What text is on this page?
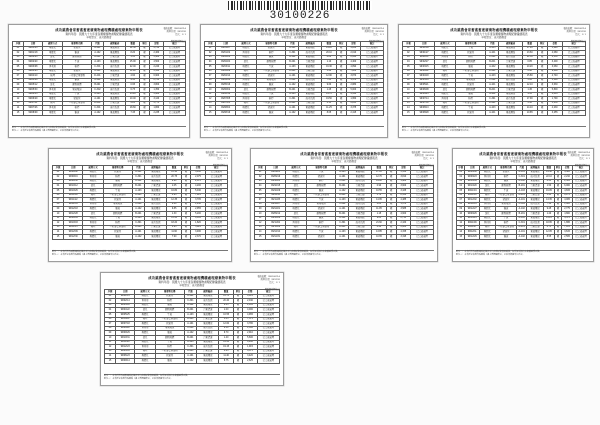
30100226
成功鎮農會家畜禽畜產廢棄物處理機構處理廢棄物申報表
資料年度：民國九十九年度各類廢棄物處理紀錄彙總報表
申報單位：成功鎮農會
表格編號：99010022-6
列印日期：99/12/31
頁次：1 / 1
廢棄物種類統計
序號	日期	處理方式	廢棄物名稱	代碼	處理廠商	數量	單位	金額	備註
01	99/01/05	堆肥化	豬糞尿	A-101	東部環保	12.50	噸	3,750	已完成處理
02	99/01/18	堆肥化	雞糞	A-102	東部環保	8.20	噸	2,460	已完成處理
03	99/02/03	焚化	動物屍體	B-201	台東清運	1.35	噸	5,400	已完成處理
04	99/02/20	堆肥化	牛糞	A-103	東部環保	15.00	噸	4,500	已完成處理
05	99/03/08	再利用	稻稈	C-301	成功資源	22.40	噸	2,240	已完成處理
06	99/03/25	堆肥化	豬糞尿	A-101	東部環保	11.80	噸	3,540	已完成處理
07	99/04/10	掩埋	一般事業廢棄物	D-401	台東清運	4.60	噸	6,900	已完成處理
08	99/04/28	堆肥化	雞糞	A-102	東部環保	9.10	噸	2,730	已完成處理
09	99/05/12	焚化	動物屍體	B-201	台東清運	0.95	噸	3,800	已完成處理
10	99/05/30	再利用	果菜殘渣	C-302	成功資源	6.75	噸	1,350	已完成處理
11	99/06/15	堆肥化	牛糞	A-103	東部環保	13.20	噸	3,960	已完成處理
12	99/06/29	堆肥化	豬糞尿	A-101	東部環保	10.40	噸	3,120	已完成處理
13	99/07/11	掩埋	一般事業廢棄物	D-401	台東清運	3.85	噸	5,775	已完成處理
14	99/07/26	再利用	稻稈	C-301	成功資源	18.60	噸	1,860	已完成處理
15	99/08/09	堆肥化	雞糞	A-102	東部環保	7.45	噸	2,235	已完成處理
附註一：本表所列各項數據係依據各月份處理紀錄彙總編製，如有疑義請洽本會輔導課查詢。
附註二：本表經查核無誤後陳報上級主管機關備查，並副知相關單位存查。
成功鎮農會家畜禽畜產廢棄物處理機構處理廢棄物申報表
資料年度：民國九十九年度各類廢棄物處理紀錄彙總報表
申報單位：成功鎮農會
表格編號：99010022-6
列印日期：99/12/31
頁次：1 / 1
廢棄物種類統計
序號	日期	處理方式	廢棄物名稱	代碼	處理廠商	數量	單位	金額	備註
01	99/01/07	堆肥化	豬糞尿	A-101	東部環保	14.20	噸	4,260	已完成處理
02	99/01/22	再利用	稻稈	C-301	成功資源	20.10	噸	2,010	已完成處理
03	99/02/06	堆肥化	雞糞	A-102	東部環保	8.80	噸	2,640	已完成處理
04	99/02/24	焚化	動物屍體	B-201	台東清運	1.10	噸	4,400	已完成處理
05	99/03/11	堆肥化	牛糞	A-103	東部環保	16.30	噸	4,890	已完成處理
06	99/03/29	掩埋	一般事業廢棄物	D-401	台東清運	5.20	噸	7,800	已完成處理
07	99/04/14	堆肥化	豬糞尿	A-101	東部環保	12.90	噸	3,870	已完成處理
08	99/04/30	再利用	果菜殘渣	C-302	成功資源	7.35	噸	1,470	已完成處理
09	99/05/16	堆肥化	雞糞	A-102	東部環保	9.60	噸	2,880	已完成處理
10	99/06/02	焚化	動物屍體	B-201	台東清運	1.25	噸	5,000	已完成處理
11	99/06/19	堆肥化	牛糞	A-103	東部環保	14.70	噸	4,410	已完成處理
12	99/07/05	再利用	稻稈	C-301	成功資源	19.50	噸	1,950	已完成處理
13	99/07/21	掩埋	一般事業廢棄物	D-401	台東清運	4.15	噸	6,225	已完成處理
14	99/08/04	堆肥化	豬糞尿	A-101	東部環保	11.25	噸	3,375	已完成處理
15	99/08/19	堆肥化	雞糞	A-102	東部環保	8.05	噸	2,415	已完成處理
附註一：本表所列各項數據係依據各月份處理紀錄彙總編製，如有疑義請洽本會輔導課查詢。
附註二：本表經查核無誤後陳報上級主管機關備查，並副知相關單位存查。
成功鎮農會家畜禽畜產廢棄物處理機構處理廢棄物申報表
資料年度：民國九十九年度各類廢棄物處理紀錄彙總報表
申報單位：成功鎮農會
表格編號：99010022-6
列印日期：99/12/31
頁次：1 / 1
廢棄物種類統計
序號	日期	處理方式	廢棄物名稱	代碼	處理廠商	數量	單位	金額	備註
01	99/01/09	堆肥化	牛糞	A-103	東部環保	17.40	噸	5,220	已完成處理
02	99/01/27	堆肥化	豬糞尿	A-101	東部環保	13.60	噸	4,080	已完成處理
03	99/02/11	再利用	稻稈	C-301	成功資源	21.30	噸	2,130	已完成處理
04	99/02/27	焚化	動物屍體	B-201	台東清運	0.85	噸	3,400	已完成處理
05	99/03/15	堆肥化	雞糞	A-102	東部環保	10.20	噸	3,060	已完成處理
06	99/04/01	掩埋	一般事業廢棄物	D-401	台東清運	6.40	噸	9,600	已完成處理
07	99/04/18	堆肥化	牛糞	A-103	東部環保	15.80	噸	4,740	已完成處理
08	99/05/03	再利用	果菜殘渣	C-302	成功資源	5.95	噸	1,190	已完成處理
09	99/05/21	堆肥化	豬糞尿	A-101	東部環保	12.10	噸	3,630	已完成處理
10	99/06/08	焚化	動物屍體	B-201	台東清運	1.45	噸	5,800	已完成處理
11	99/06/25	堆肥化	雞糞	A-102	東部環保	9.35	噸	2,805	已完成處理
12	99/07/14	再利用	稻稈	C-301	成功資源	17.90	噸	1,790	已完成處理
13	99/07/30	掩埋	一般事業廢棄物	D-401	台東清運	3.50	噸	5,250	已完成處理
14	99/08/13	堆肥化	牛糞	A-103	東部環保	14.10	噸	4,230	已完成處理
15	99/08/28	堆肥化	豬糞尿	A-101	東部環保	10.85	噸	3,255	已完成處理
附註一：本表所列各項數據係依據各月份處理紀錄彙總編製，如有疑義請洽本會輔導課查詢。
附註二：本表經查核無誤後陳報上級主管機關備查，並副知相關單位存查。
成功鎮農會家畜禽畜產廢棄物處理機構處理廢棄物申報表
資料年度：民國九十九年度各類廢棄物處理紀錄彙總報表
申報單位：成功鎮農會
表格編號：99010022-6
列印日期：99/12/31
頁次：1 / 1
廢棄物種類統計
序號	日期	處理方式	廢棄物名稱	代碼	處理廠商	數量	單位	金額	備註
01	99/09/02	堆肥化	豬糞尿	A-101	東部環保	13.10	噸	3,930	已完成處理
02	99/09/16	再利用	稻稈	C-301	成功資源	20.75	噸	2,075	已完成處理
03	99/09/30	堆肥化	雞糞	A-102	東部環保	8.90	噸	2,670	已完成處理
04	99/10/12	焚化	動物屍體	B-201	台東清運	1.05	噸	4,200	已完成處理
05	99/10/26	堆肥化	牛糞	A-103	東部環保	16.80	噸	5,040	已完成處理
06	99/11/08	掩埋	一般事業廢棄物	D-401	台東清運	4.95	噸	7,425	已完成處理
07	99/11/22	堆肥化	豬糞尿	A-101	東部環保	12.35	噸	3,705	已完成處理
08	99/12/05	再利用	果菜殘渣	C-302	成功資源	6.20	噸	1,240	已完成處理
09	99/12/18	堆肥化	雞糞	A-102	東部環保	9.85	噸	2,955	已完成處理
10	99/12/28	焚化	動物屍體	B-201	台東清運	1.30	噸	5,200	已完成處理
11	99/09/09	堆肥化	牛糞	A-103	東部環保	15.45	噸	4,635	已完成處理
12	99/10/03	再利用	稻稈	C-301	成功資源	18.20	噸	1,820	已完成處理
13	99/11/15	掩埋	一般事業廢棄物	D-401	台東清運	3.95	噸	5,925	已完成處理
14	99/12/09	堆肥化	豬糞尿	A-101	東部環保	11.60	噸	3,480	已完成處理
15	99/12/30	堆肥化	雞糞	A-102	東部環保	7.90	噸	2,370	已完成處理
附註一：本表所列各項數據係依據各月份處理紀錄彙總編製，如有疑義請洽本會輔導課查詢。
附註二：本表經查核無誤後陳報上級主管機關備查，並副知相關單位存查。
成功鎮農會家畜禽畜產廢棄物處理機構處理廢棄物申報表
資料年度：民國九十九年度各類廢棄物處理紀錄彙總報表
申報單位：成功鎮農會
表格編號：99010022-6
列印日期：99/12/31
頁次：1 / 1
廢棄物種類統計
序號	日期	處理方式	廢棄物名稱	代碼	處理廠商	數量	單位	金額	備註
01	99/09/05	堆肥化	牛糞	A-103	東部環保	17.10	噸	5,130	已完成處理
02	99/09/19	堆肥化	豬糞尿	A-101	東部環保	12.70	噸	3,810	已完成處理
03	99/10/01	再利用	稻稈	C-301	成功資源	19.80	噸	1,980	已完成處理
04	99/10/15	焚化	動物屍體	B-201	台東清運	0.90	噸	3,600	已完成處理
05	99/10/29	堆肥化	雞糞	A-102	東部環保	10.55	噸	3,165	已完成處理
06	99/11/11	掩埋	一般事業廢棄物	D-401	台東清運	5.70	噸	8,550	已完成處理
07	99/11/25	堆肥化	牛糞	A-103	東部環保	14.95	噸	4,485	已完成處理
08	99/12/07	再利用	果菜殘渣	C-302	成功資源	6.85	噸	1,370	已完成處理
09	99/12/21	堆肥化	豬糞尿	A-101	東部環保	11.95	噸	3,585	已完成處理
10	99/09/12	焚化	動物屍體	B-201	台東清運	1.15	噸	4,600	已完成處理
11	99/10/08	堆肥化	雞糞	A-102	東部環保	9.05	噸	2,715	已完成處理
12	99/11/02	再利用	稻稈	C-301	成功資源	21.60	噸	2,160	已完成處理
13	99/11/29	掩埋	一般事業廢棄物	D-401	台東清運	4.40	噸	6,600	已完成處理
14	99/12/14	堆肥化	牛糞	A-103	東部環保	13.85	噸	4,155	已完成處理
15	99/12/31	堆肥化	豬糞尿	A-101	東部環保	10.65	噸	3,195	已完成處理
附註一：本表所列各項數據係依據各月份處理紀錄彙總編製，如有疑義請洽本會輔導課查詢。
附註二：本表經查核無誤後陳報上級主管機關備查，並副知相關單位存查。
成功鎮農會家畜禽畜產廢棄物處理機構處理廢棄物申報表
資料年度：民國九十九年度各類廢棄物處理紀錄彙總報表
申報單位：成功鎮農會
表格編號：99010022-6
列印日期：99/12/31
頁次：1 / 1
廢棄物種類統計
序號	日期	處理方式	廢棄物名稱	代碼	處理廠商	數量	單位	金額	備註
01	99/09/08	堆肥化	豬糞尿	A-101	東部環保	14.40	噸	4,320	已完成處理
02	99/09/23	再利用	稻稈	C-301	成功資源	22.10	噸	2,210	已完成處理
03	99/10/06	堆肥化	雞糞	A-102	東部環保	8.35	噸	2,505	已完成處理
04	99/10/20	焚化	動物屍體	B-201	台東清運	1.50	噸	6,000	已完成處理
05	99/11/04	堆肥化	牛糞	A-103	東部環保	16.05	噸	4,815	已完成處理
06	99/11/18	掩埋	一般事業廢棄物	D-401	台東清運	5.45	噸	8,175	已完成處理
07	99/12/02	堆肥化	豬糞尿	A-101	東部環保	13.35	噸	4,005	已完成處理
08	99/12/16	再利用	果菜殘渣	C-302	成功資源	7.10	噸	1,420	已完成處理
09	99/12/27	堆肥化	雞糞	A-102	東部環保	9.25	噸	2,775	已完成處理
10	99/09/26	焚化	動物屍體	B-201	台東清運	1.20	噸	4,800	已完成處理
11	99/10/23	堆肥化	牛糞	A-103	東部環保	15.25	噸	4,575	已完成處理
12	99/11/09	再利用	稻稈	C-301	成功資源	18.95	噸	1,895	已完成處理
13	99/11/27	掩埋	一般事業廢棄物	D-401	台東清運	4.75	噸	7,125	已完成處理
14	99/12/11	堆肥化	豬糞尿	A-101	東部環保	12.05	噸	3,615	已完成處理
15	99/12/29	堆肥化	雞糞	A-102	東部環保	8.55	噸	2,565	已完成處理
附註一：本表所列各項數據係依據各月份處理紀錄彙總編製，如有疑義請洽本會輔導課查詢。
附註二：本表經查核無誤後陳報上級主管機關備查，並副知相關單位存查。
成功鎮農會家畜禽畜產廢棄物處理機構處理廢棄物申報表
資料年度：民國九十九年度各類廢棄物處理紀錄彙總報表
申報單位：成功鎮農會
表格編號：99010022-6
列印日期：99/12/31
頁次：1 / 1
廢棄物種類統計
序號	日期	處理方式	廢棄物名稱	代碼	處理廠商	數量	單位	金額	備註
01	99/01/15	堆肥化	豬糞尿	A-101	東部環保	13.75	噸	4,125	已完成處理
02	99/02/14	再利用	稻稈	C-301	成功資源	20.40	噸	2,040	已完成處理
03	99/03/18	堆肥化	雞糞	A-102	東部環保	9.45	噸	2,835	已完成處理
04	99/04/22	焚化	動物屍體	B-201	台東清運	1.00	噸	4,000	已完成處理
05	99/05/25	堆肥化	牛糞	A-103	東部環保	16.55	噸	4,965	已完成處理
06	99/06/11	掩埋	一般事業廢棄物	D-401	台東清運	5.05	噸	7,575	已完成處理
07	99/07/18	堆肥化	豬糞尿	A-101	東部環保	12.60	噸	3,780	已完成處理
08	99/08/22	再利用	果菜殘渣	C-302	成功資源	6.50	噸	1,300	已完成處理
09	99/09/29	堆肥化	雞糞	A-102	東部環保	9.70	噸	2,910	已完成處理
10	99/10/31	焚化	動物屍體	B-201	台東清運	1.40	噸	5,600	已完成處理
11	99/11/20	堆肥化	牛糞	A-103	東部環保	14.30	噸	4,290	已完成處理
12	99/12/23	再利用	稻稈	C-301	成功資源	19.15	噸	1,915	已完成處理
13	99/03/05	掩埋	一般事業廢棄物	D-401	台東清運	4.25	噸	6,375	已完成處理
14	99/06/23	堆肥化	豬糞尿	A-101	東部環保	11.40	噸	3,420	已完成處理
15	99/09/14	堆肥化	雞糞	A-102	東部環保	8.75	噸	2,625	已完成處理
附註一：本表所列各項數據係依據各月份處理紀錄彙總編製，如有疑義請洽本會輔導課查詢。
附註二：本表經查核無誤後陳報上級主管機關備查，並副知相關單位存查。
